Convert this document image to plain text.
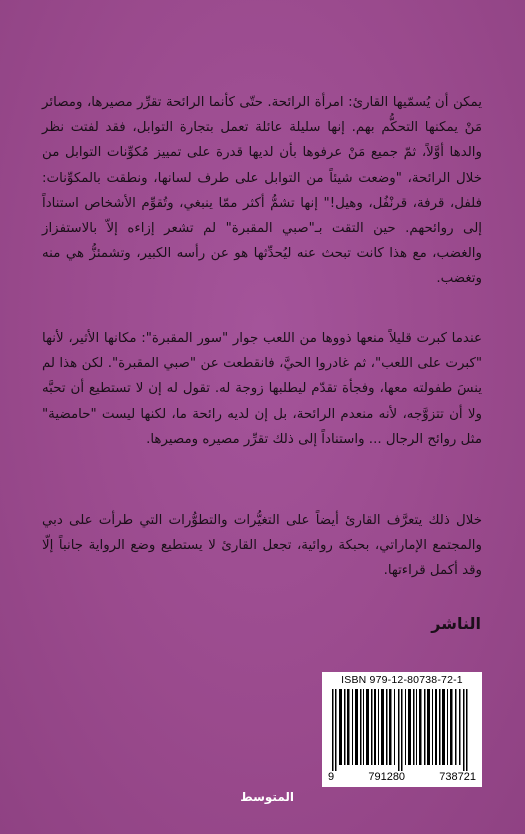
يمكن أن يُسمّيها القارئ: امرأة الرائحة. حتّى كأنما الرائحة تقرِّر مصيرها، ومصائر مَنْ يمكنها التحكُّم بهم. إنها سليلة عائلة تعمل بتجارة التوابل، فقد لفتت نظر والدها أوَّلاً، ثمّ جميع مَنْ عرفوها بأن لديها قدرة على تمييز مُكوِّنات التوابل من خلال الرائحة، "وضعت شيئاً من التوابل على طرف لسانها، ونطقت بالمكوِّنات: فلفل، قرفة، قرنْفُل، وهيل!" إنها تشمُّ أكثر ممّا ينبغي، وتُقوِّم الأشخاص استناداً إلى روائحهم. حين التقت بـ"صبي المقبرة" لم تشعر إزاءه إلاّ بالاستفزاز والغضب، مع هذا كانت تبحث عنه ليُحدِّثها هو عن رأسه الكبير، وتشمئزُّ هي منه وتغضب.

عندما كبرت قليلاً منعها ذووها من اللعب جوار "سور المقبرة": مكانها الأثير، لأنها "كبرت على اللعب"، ثم غادروا الحيَّ، فانقطعت عن "صبي المقبرة". لكن هذا لم ينسَ طفولته معها، وفجأة تقدّم ليطلبها زوجة له. تقول له إن لا تستطيع أن تحبَّه ولا أن تتزوَّجه، لأنه منعدم الرائحة، بل إن لديه رائحة ما، لكنها ليست "حامضية" مثل روائح الرجال ... واستناداً إلى ذلك تقرِّر مصيره ومصيرها.

خلال ذلك يتعرَّف القارئ أيضاً على التغيُّرات والتطوُّرات التي طرأت على دبي والمجتمع الإماراتي، بحبكة روائية، تجعل القارئ لا يستطيع وضع الرواية جانباً إلّا وقد أكمل قراءتها.

الناشر
ISBN 979-12-80738-72-1
9	791280	738721
المتوسط
